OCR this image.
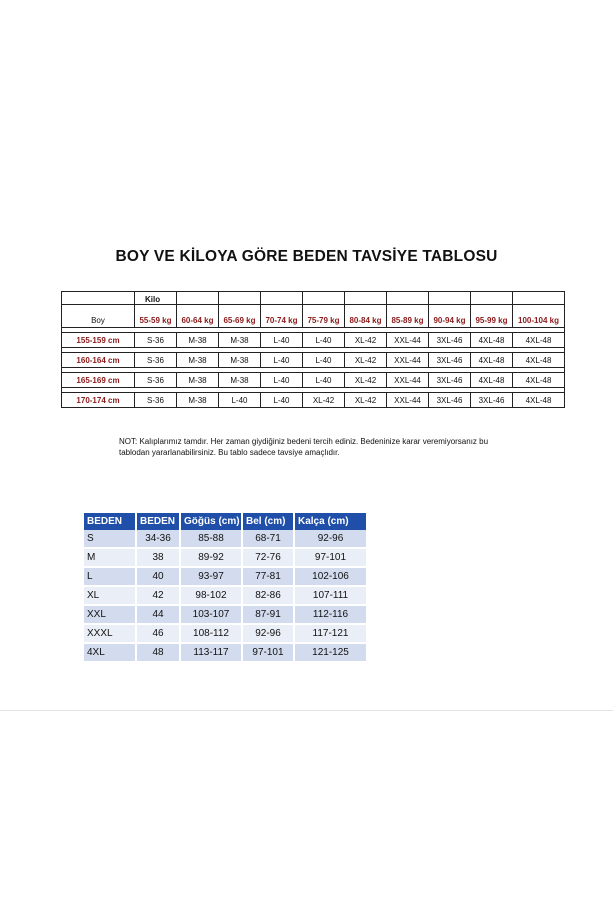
BOY VE KİLOYA GÖRE BEDEN TAVSİYE TABLOSU
	Kilo									
Boy	55-59 kg	60-64 kg	65-69 kg	70-74 kg	75-79 kg	80-84 kg	85-89 kg	90-94 kg	95-99 kg	100-104 kg

155-159 cm	S-36	M-38	M-38	L-40	L-40	XL-42	XXL-44	3XL-46	4XL-48	4XL-48

160-164 cm	S-36	M-38	M-38	L-40	L-40	XL-42	XXL-44	3XL-46	4XL-48	4XL-48

165-169 cm	S-36	M-38	M-38	L-40	L-40	XL-42	XXL-44	3XL-46	4XL-48	4XL-48

170-174 cm	S-36	M-38	L-40	L-40	XL-42	XL-42	XXL-44	3XL-46	3XL-46	4XL-48
NOT: Kalıplarımız tamdır. Her zaman giydiğiniz bedeni tercih ediniz. Bedeninize karar veremiyorsanız bu tablodan yararlanabilirsiniz. Bu tablo sadece tavsiye amaçlıdır.
BEDEN	BEDEN	Göğüs (cm)	Bel (cm)	Kalça (cm)
S	34-36	85-88	68-71	92-96
M	38	89-92	72-76	97-101
L	40	93-97	77-81	102-106
XL	42	98-102	82-86	107-111
XXL	44	103-107	87-91	112-116
XXXL	46	108-112	92-96	117-121
4XL	48	113-117	97-101	121-125
